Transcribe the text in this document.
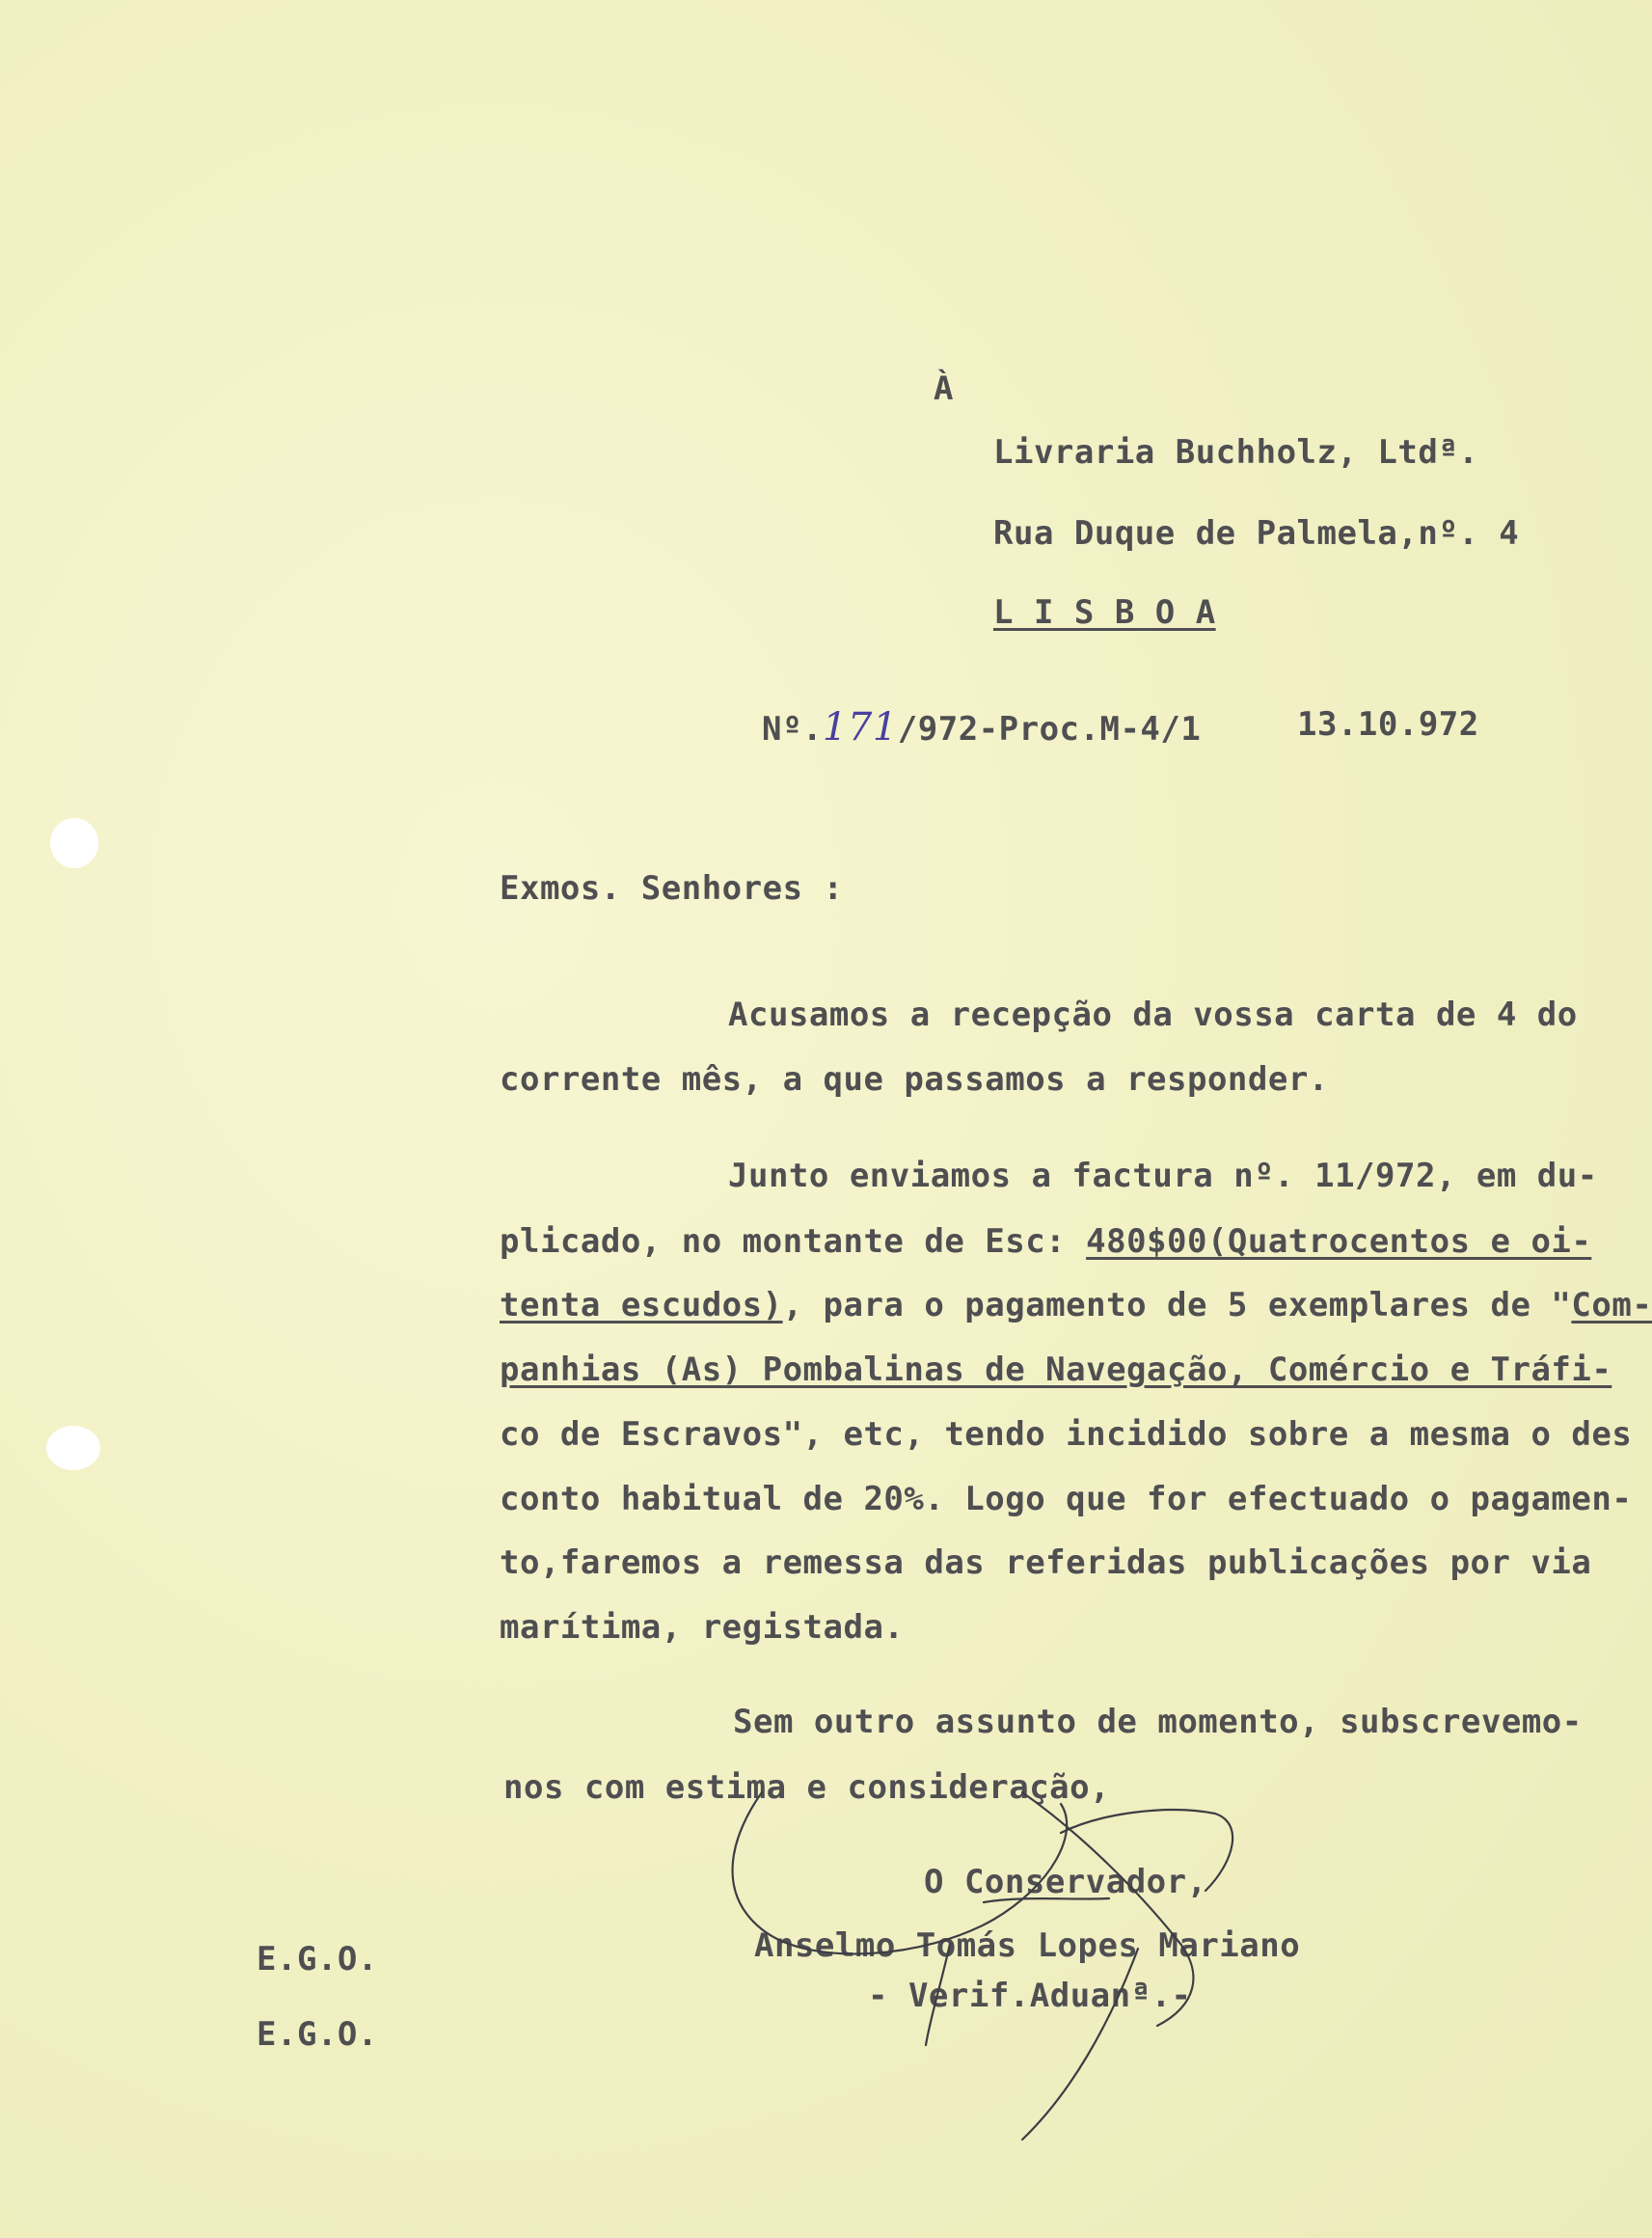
À
Livraria Buchholz, Ltdª.
Rua Duque de Palmela,nº. 4
L I S B O A
Nº.171/972-Proc.M-4/1	13.10.972
Exmos. Senhores :
Acusamos a recepção da vossa carta de 4 do
corrente mês, a que passamos a responder.
Junto enviamos a factura nº. 11/972, em du-
plicado, no montante de Esc: 480$00(Quatrocentos e oi-
tenta escudos), para o pagamento de 5 exemplares de "Com-
panhias (As) Pombalinas de Navegação, Comércio e Tráfi-
co de Escravos", etc, tendo incidido sobre a mesma o des
conto habitual de 20%. Logo que for efectuado o pagamen-
to,faremos a remessa das referidas publicações por via
marítima, registada.
Sem outro assunto de momento, subscrevemo-
nos com estima e consideração,
O Conservador,
Anselmo Tomás Lopes Mariano
- Verif.Aduanª.-
E.G.O.
E.G.O.
